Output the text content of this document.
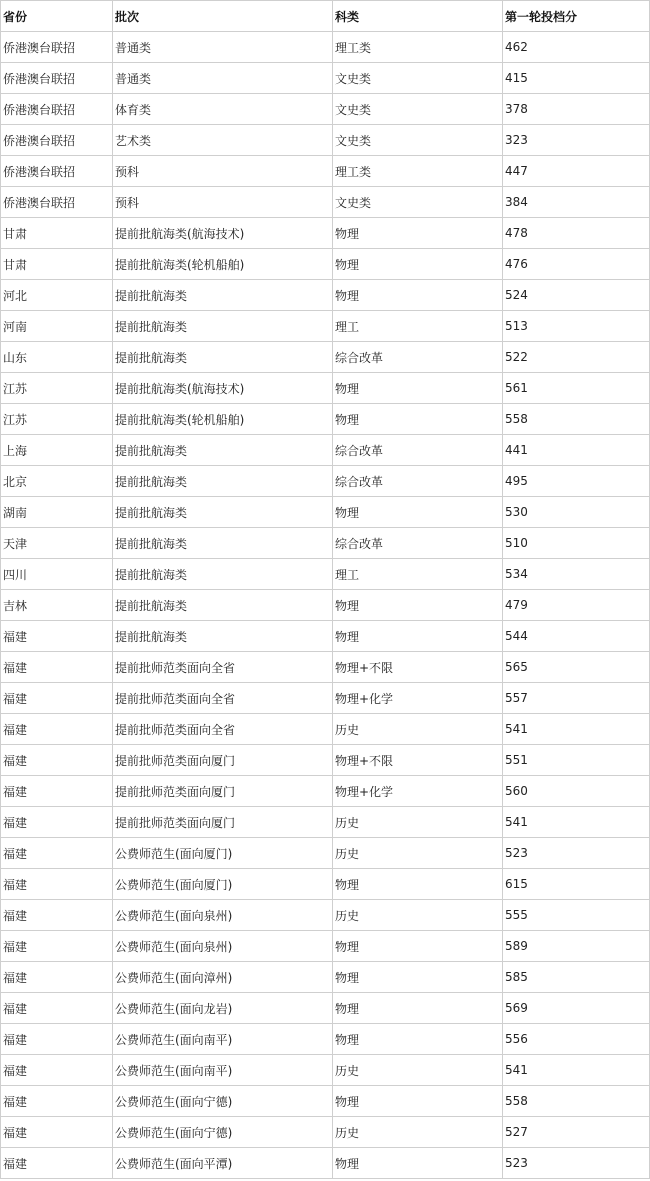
省份	批次	科类	第一轮投档分
侨港澳台联招	普通类	理工类	462
侨港澳台联招	普通类	文史类	415
侨港澳台联招	体育类	文史类	378
侨港澳台联招	艺术类	文史类	323
侨港澳台联招	预科	理工类	447
侨港澳台联招	预科	文史类	384
甘肃	提前批航海类(航海技术)	物理	478
甘肃	提前批航海类(轮机船舶)	物理	476
河北	提前批航海类	物理	524
河南	提前批航海类	理工	513
山东	提前批航海类	综合改革	522
江苏	提前批航海类(航海技术)	物理	561
江苏	提前批航海类(轮机船舶)	物理	558
上海	提前批航海类	综合改革	441
北京	提前批航海类	综合改革	495
湖南	提前批航海类	物理	530
天津	提前批航海类	综合改革	510
四川	提前批航海类	理工	534
吉林	提前批航海类	物理	479
福建	提前批航海类	物理	544
福建	提前批师范类面向全省	物理+不限	565
福建	提前批师范类面向全省	物理+化学	557
福建	提前批师范类面向全省	历史	541
福建	提前批师范类面向厦门	物理+不限	551
福建	提前批师范类面向厦门	物理+化学	560
福建	提前批师范类面向厦门	历史	541
福建	公费师范生(面向厦门)	历史	523
福建	公费师范生(面向厦门)	物理	615
福建	公费师范生(面向泉州)	历史	555
福建	公费师范生(面向泉州)	物理	589
福建	公费师范生(面向漳州)	物理	585
福建	公费师范生(面向龙岩)	物理	569
福建	公费师范生(面向南平)	物理	556
福建	公费师范生(面向南平)	历史	541
福建	公费师范生(面向宁德)	物理	558
福建	公费师范生(面向宁德)	历史	527
福建	公费师范生(面向平潭)	物理	523
